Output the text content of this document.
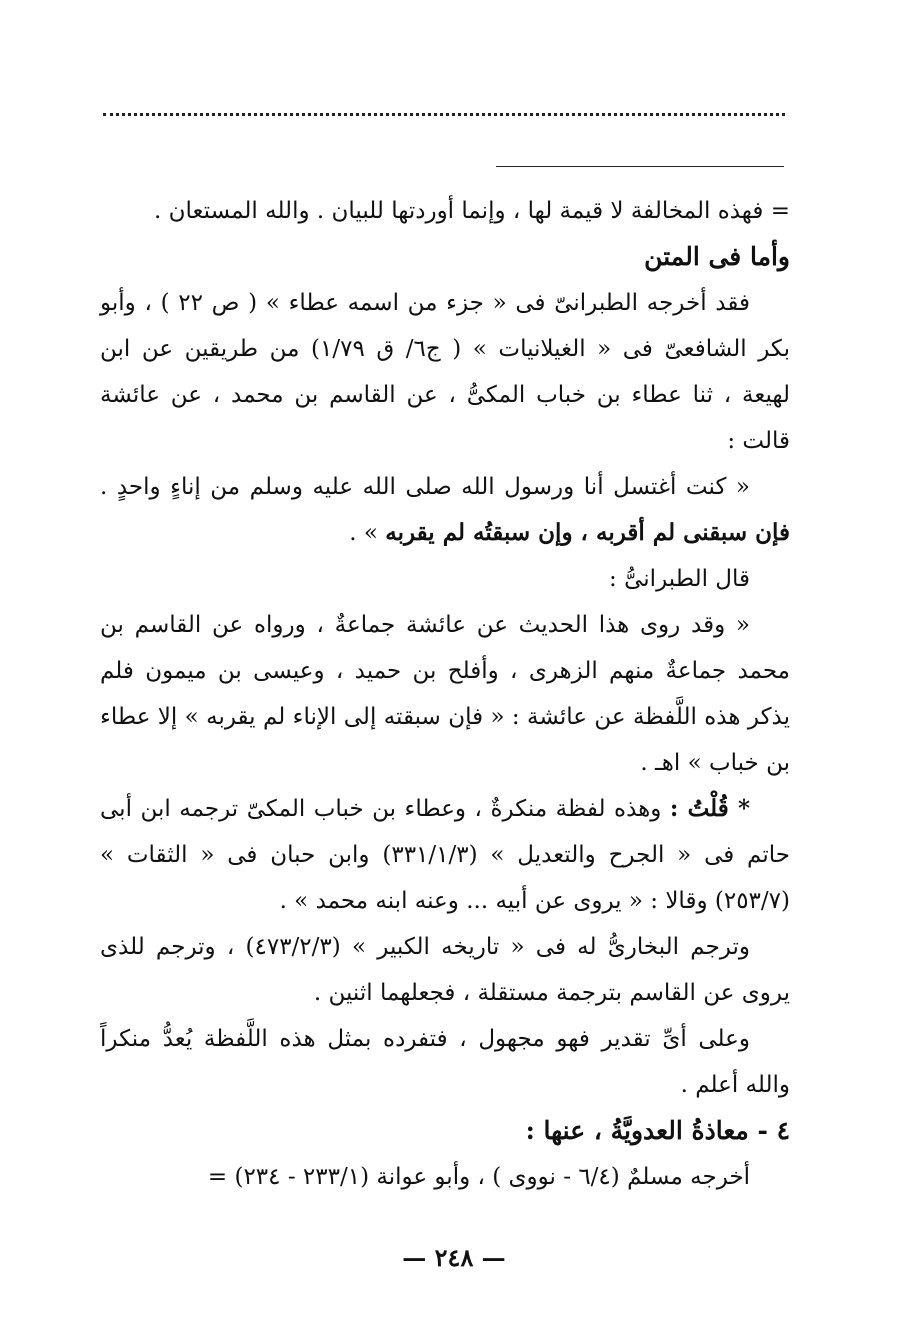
= فهذه المخالفة لا قيمة لها ، وإنما أوردتها للبيان . والله المستعان .

وأما فى المتن

فقد أخرجه الطبرانىّ فى « جزء من اسمه عطاء » ( ص ٢٢ ) ، وأبو بكر الشافعىّ فى « الغيلانيات » ( ج٦/ ق ١/٧٩) من طريقين عن ابن لهيعة ، ثنا عطاء بن خباب المكىُّ ، عن القاسم بن محمد ، عن عائشة قالت :

« كنت أغتسل أنا ورسول الله صلى الله عليه وسلم من إناءٍ واحدٍ . فإن سبقنى لم أقربه ، وإن سبقتُه لم يقربه » .

قال الطبرانىُّ :

« وقد روى هذا الحديث عن عائشة جماعةٌ ، ورواه عن القاسم بن محمد جماعةٌ منهم الزهرى ، وأفلح بن حميد ، وعيسى بن ميمون فلم يذكر هذه اللَّفظة عن عائشة : « فإن سبقته إلى الإناء لم يقربه » إلا عطاء بن خباب » اهـ .

* قُلْتُ : وهذه لفظة منكرةٌ ، وعطاء بن خباب المكىّ ترجمه ابن أبى حاتم فى « الجرح والتعديل » (٣٣١/١/٣) وابن حبان فى « الثقات » (٢٥٣/٧) وقالا : « يروى عن أبيه ... وعنه ابنه محمد » .

وترجم البخارىُّ له فى « تاريخه الكبير » (٤٧٣/٢/٣) ، وترجم للذى يروى عن القاسم بترجمة مستقلة ، فجعلهما اثنين .

وعلى أىِّ تقدير فهو مجهول ، فتفرده بمثل هذه اللَّفظة يُعدُّ منكراً والله أعلم .

٤ - معاذةُ العدويَّةُ ، عنها :

أخرجه مسلمٌ (٦/٤ - نووى ) ، وأبو عوانة (٢٣٣/١ - ٢٣٤) =

— ٢٤٨ —
